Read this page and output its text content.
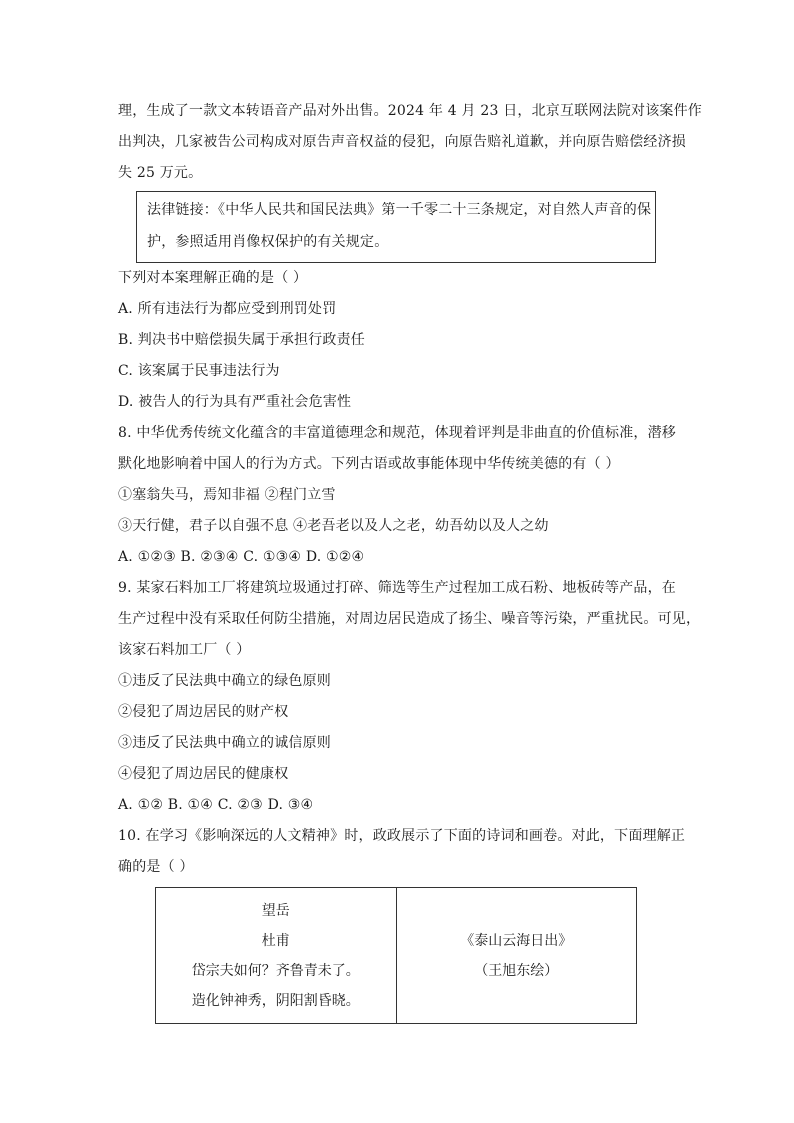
理，生成了一款文本转语音产品对外出售。2024 年 4 月 23 日，北京互联网法院对该案件作
出判决，几家被告公司构成对原告声音权益的侵犯，向原告赔礼道歉，并向原告赔偿经济损
失 25 万元。
法律链接：《中华人民共和国民法典》第一千零二十三条规定，对自然人声音的保
护，参照适用肖像权保护的有关规定。
下列对本案理解正确的是（ ）
A. 所有违法行为都应受到刑罚处罚
B. 判决书中赔偿损失属于承担行政责任
C. 该案属于民事违法行为
D. 被告人的行为具有严重社会危害性
8. 中华优秀传统文化蕴含的丰富道德理念和规范，体现着评判是非曲直的价值标准，潜移
默化地影响着中国人的行为方式。下列古语或故事能体现中华传统美德的有（ ）
①塞翁失马，焉知非福 ②程门立雪
③天行健，君子以自强不息 ④老吾老以及人之老，幼吾幼以及人之幼
A. ①②③ B. ②③④ C. ①③④ D. ①②④
9. 某家石料加工厂将建筑垃圾通过打碎、筛选等生产过程加工成石粉、地板砖等产品，在
生产过程中没有采取任何防尘措施，对周边居民造成了扬尘、噪音等污染，严重扰民。可见，
该家石料加工厂（ ）
①违反了民法典中确立的绿色原则
②侵犯了周边居民的财产权
③违反了民法典中确立的诚信原则
④侵犯了周边居民的健康权
A. ①② B. ①④ C. ②③ D. ③④
10. 在学习《影响深远的人文精神》时，政政展示了下面的诗词和画卷。对此，下面理解正
确的是（ ）
望岳
杜甫
岱宗夫如何？齐鲁青未了。
造化钟神秀，阴阳割昏晓。
《泰山云海日出》
（王旭东绘）
